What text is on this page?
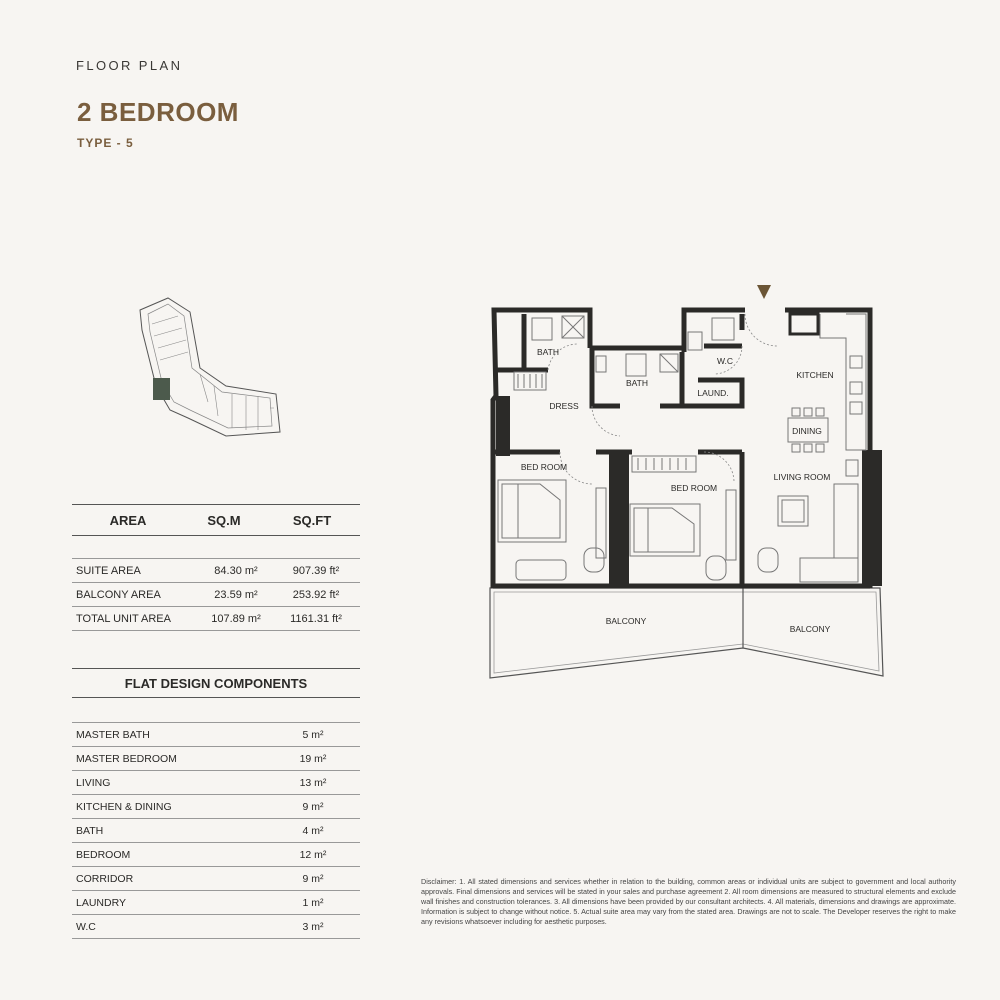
FLOOR PLAN
2 BEDROOM
TYPE - 5
AREA	SQ.M	SQ.FT
SUITE AREA	84.30 m²	907.39 ft²
BALCONY AREA	23.59 m²	253.92 ft²
TOTAL UNIT AREA	107.89 m²	1161.31 ft²
FLAT DESIGN COMPONENTS
MASTER BATH	5 m²
MASTER BEDROOM	19 m²
LIVING	13 m²
KITCHEN & DINING	9 m²
BATH	4 m²
BEDROOM	12 m²
CORRIDOR	9 m²
LAUNDRY	1 m²
W.C	3 m²
BATH
BATH
W.C
LAUND.
KITCHEN
DINING
DRESS
BED ROOM
BED ROOM
LIVING ROOM
BALCONY
BALCONY
Disclaimer: 1. All stated dimensions and services whether in relation to the building, common areas or individual units are subject to government and local authority approvals. Final dimensions and services will be stated in your sales and purchase agreement 2. All room dimensions are measured to structural elements and exclude wall finishes and construction tolerances. 3. All dimensions have been provided by our consultant architects. 4. All materials, dimensions and drawings are approximate. Information is subject to change without notice. 5. Actual suite area may vary from the stated area. Drawings are not to scale. The Developer reserves the right to make any revisions whatsoever including for aesthetic purposes.
